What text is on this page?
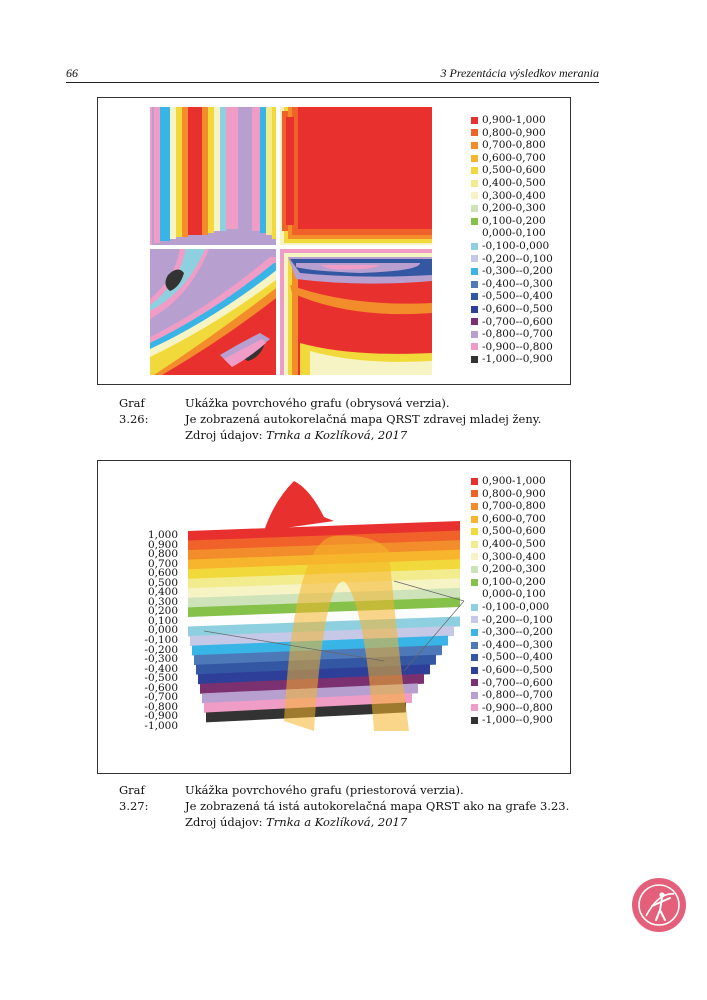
66	3 Prezentácia výsledkov merania
0,900-1,000
0,800-0,900
0,700-0,800
0,600-0,700
0,500-0,600
0,400-0,500
0,300-0,400
0,200-0,300
0,100-0,200
0,000-0,100
-0,100-0,000
-0,200--0,100
-0,300--0,200
-0,400--0,300
-0,500--0,400
-0,600--0,500
-0,700--0,600
-0,800--0,700
-0,900--0,800
-1,000--0,900
Graf 3.26:
Ukážka povrchového grafu (obrysová verzia).
Je zobrazená autokorelačná mapa QRST zdravej mladej ženy.
Zdroj údajov: Trnka a Kozlíková, 2017
1,000
0,900
0,800
0,700
0,600
0,500
0,400
0,300
0,200
0,100
0,000
-0,100
-0,200
-0,300
-0,400
-0,500
-0,600
-0,700
-0,800
-0,900
-1,000
0,900-1,000
0,800-0,900
0,700-0,800
0,600-0,700
0,500-0,600
0,400-0,500
0,300-0,400
0,200-0,300
0,100-0,200
0,000-0,100
-0,100-0,000
-0,200--0,100
-0,300--0,200
-0,400--0,300
-0,500--0,400
-0,600--0,500
-0,700--0,600
-0,800--0,700
-0,900--0,800
-1,000--0,900
Graf 3.27:
Ukážka povrchového grafu (priestorová verzia).
Je zobrazená tá istá autokorelačná mapa QRST ako na grafe 3.23.
Zdroj údajov: Trnka a Kozlíková, 2017
